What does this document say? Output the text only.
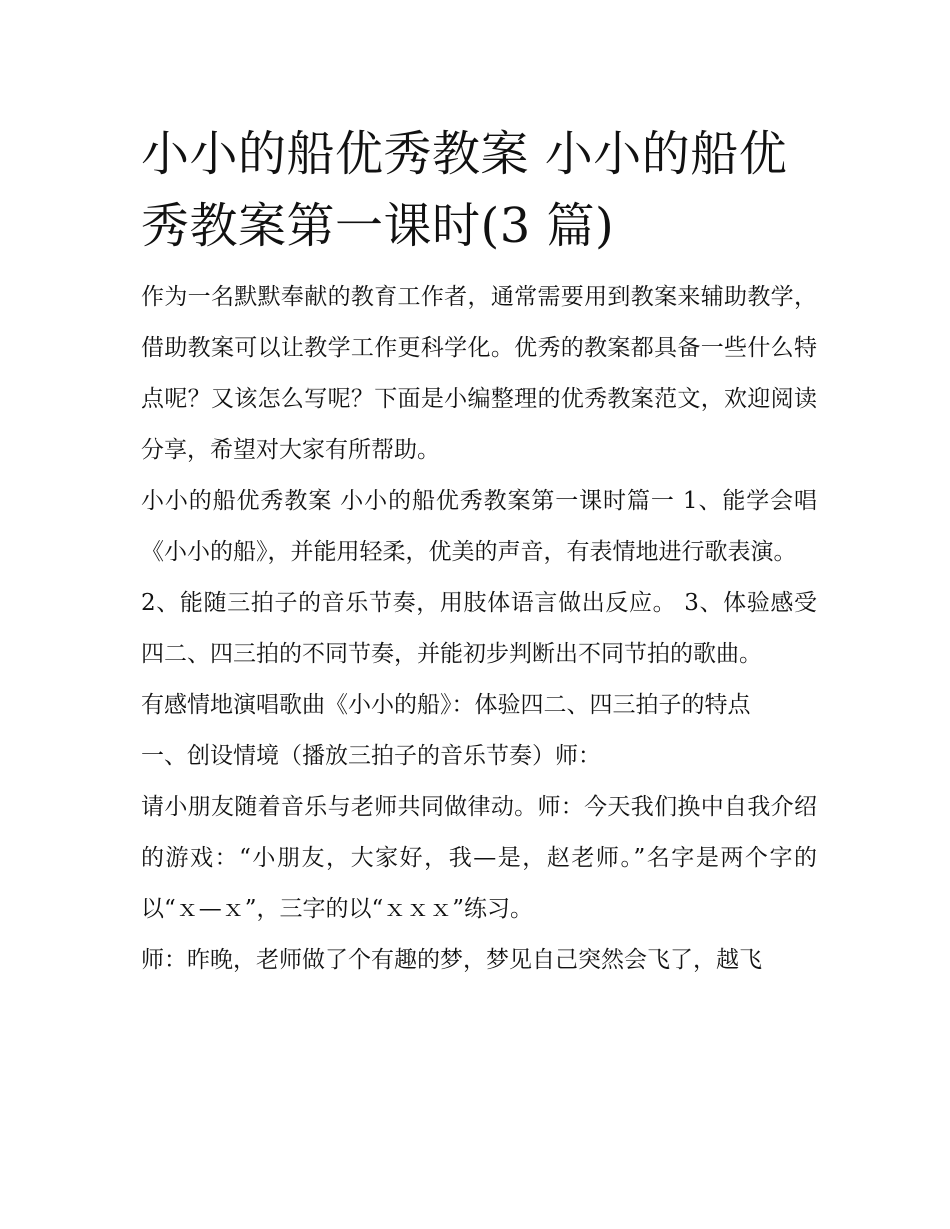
小小的船优秀教案 小小的船优秀教案第一课时(3 篇)

作为一名默默奉献的教育工作者，通常需要用到教案来辅助教学，借助教案可以让教学工作更科学化。优秀的教案都具备一些什么特点呢？又该怎么写呢？下面是小编整理的优秀教案范文，欢迎阅读分享，希望对大家有所帮助。

小小的船优秀教案 小小的船优秀教案第一课时篇一 1、能学会唱《小小的船》，并能用轻柔，优美的声音，有表情地进行歌表演。

2、能随三拍子的音乐节奏，用肢体语言做出反应。 3、体验感受四二、四三拍的不同节奏，并能初步判断出不同节拍的歌曲。

有感情地演唱歌曲《小小的船》：体验四二、四三拍子的特点

一、创设情境（播放三拍子的音乐节奏）师：

请小朋友随着音乐与老师共同做律动。师：今天我们换中自我介绍的游戏：“小朋友，大家好，我—是，赵老师。”名字是两个字的以“ｘ—ｘ”，三字的以“ｘｘｘ”练习。

师：昨晚，老师做了个有趣的梦，梦见自己突然会飞了，越飞
